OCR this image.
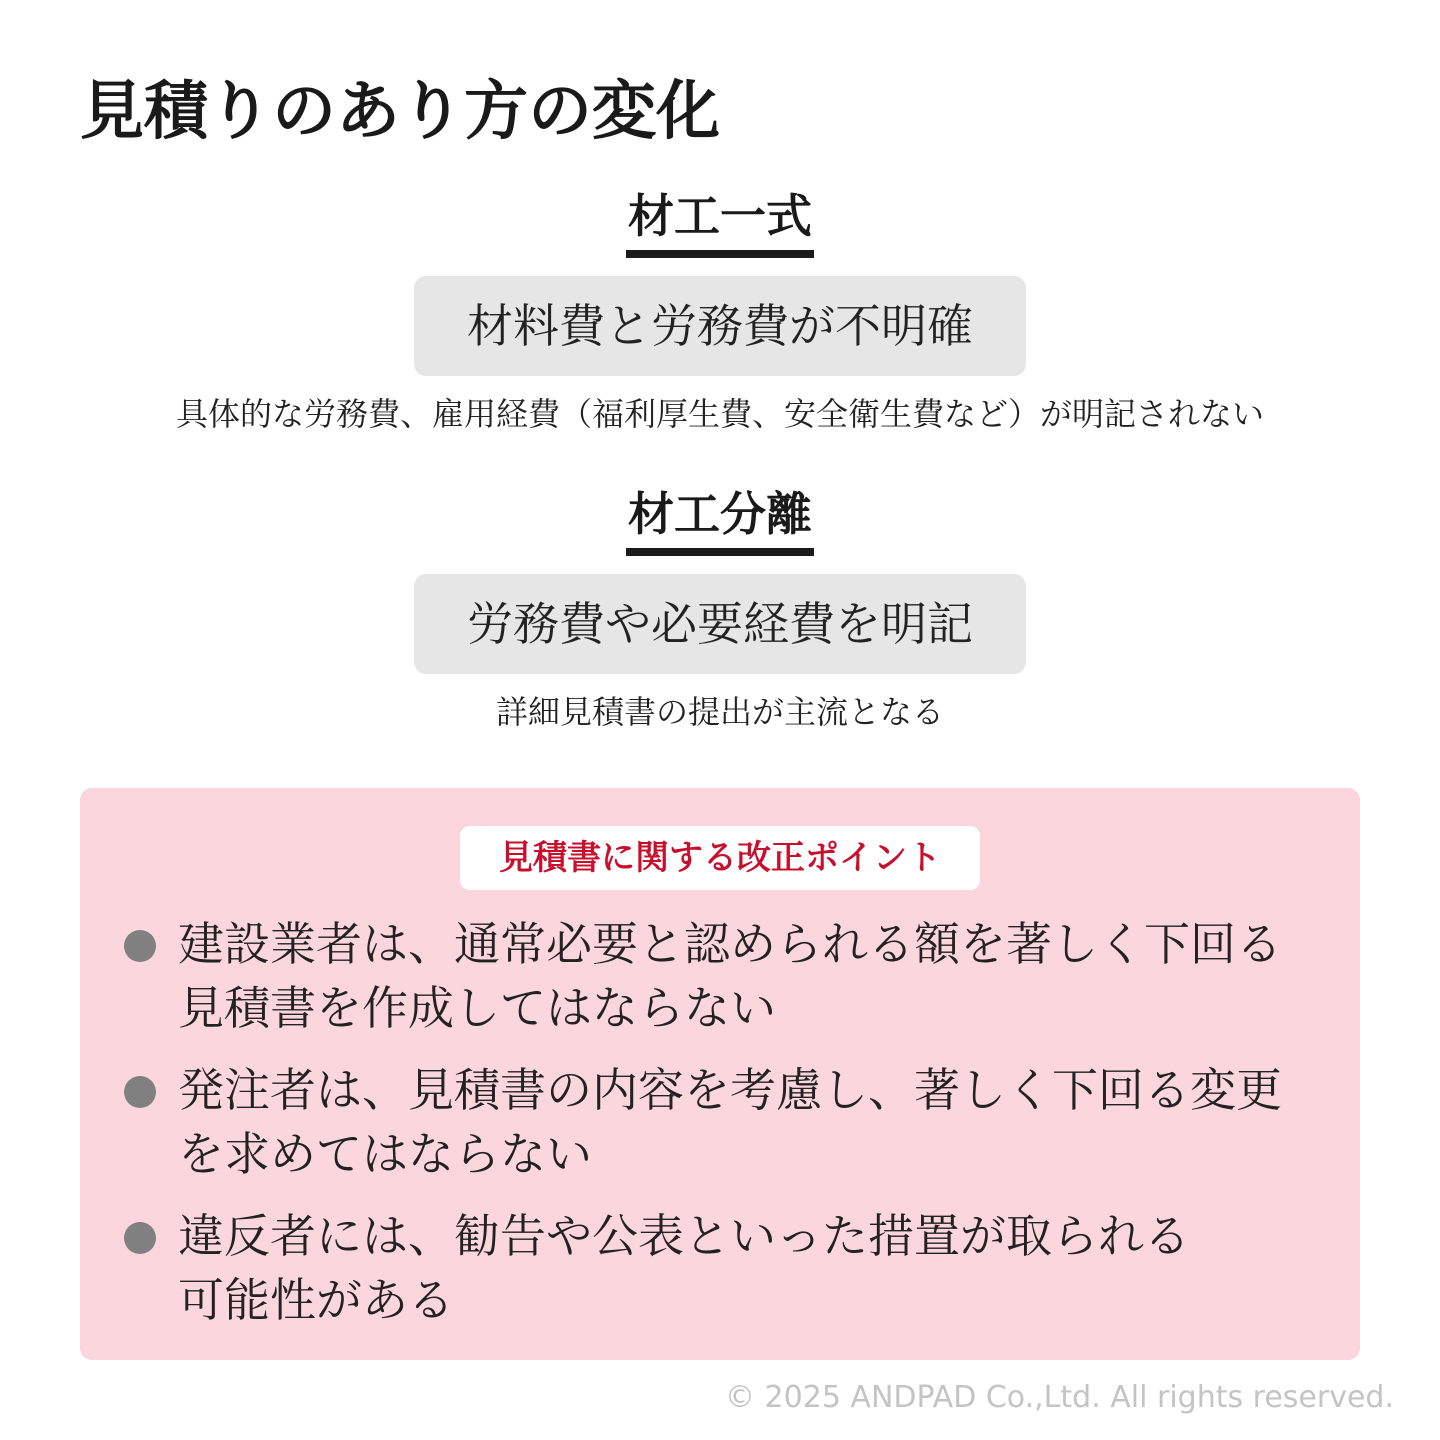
見積りのあり方の変化
材工一式
材料費と労務費が不明確
具体的な労務費、雇用経費（福利厚生費、安全衛生費など）が明記されない
材工分離
労務費や必要経費を明記
詳細見積書の提出が主流となる
見積書に関する改正ポイント
建設業者は、通常必要と認められる額を著しく下回る
見積書を作成してはならない
発注者は、見積書の内容を考慮し、著しく下回る変更
を求めてはならない
違反者には、勧告や公表といった措置が取られる
可能性がある
© 2025 ANDPAD Co.,Ltd. All rights reserved.
